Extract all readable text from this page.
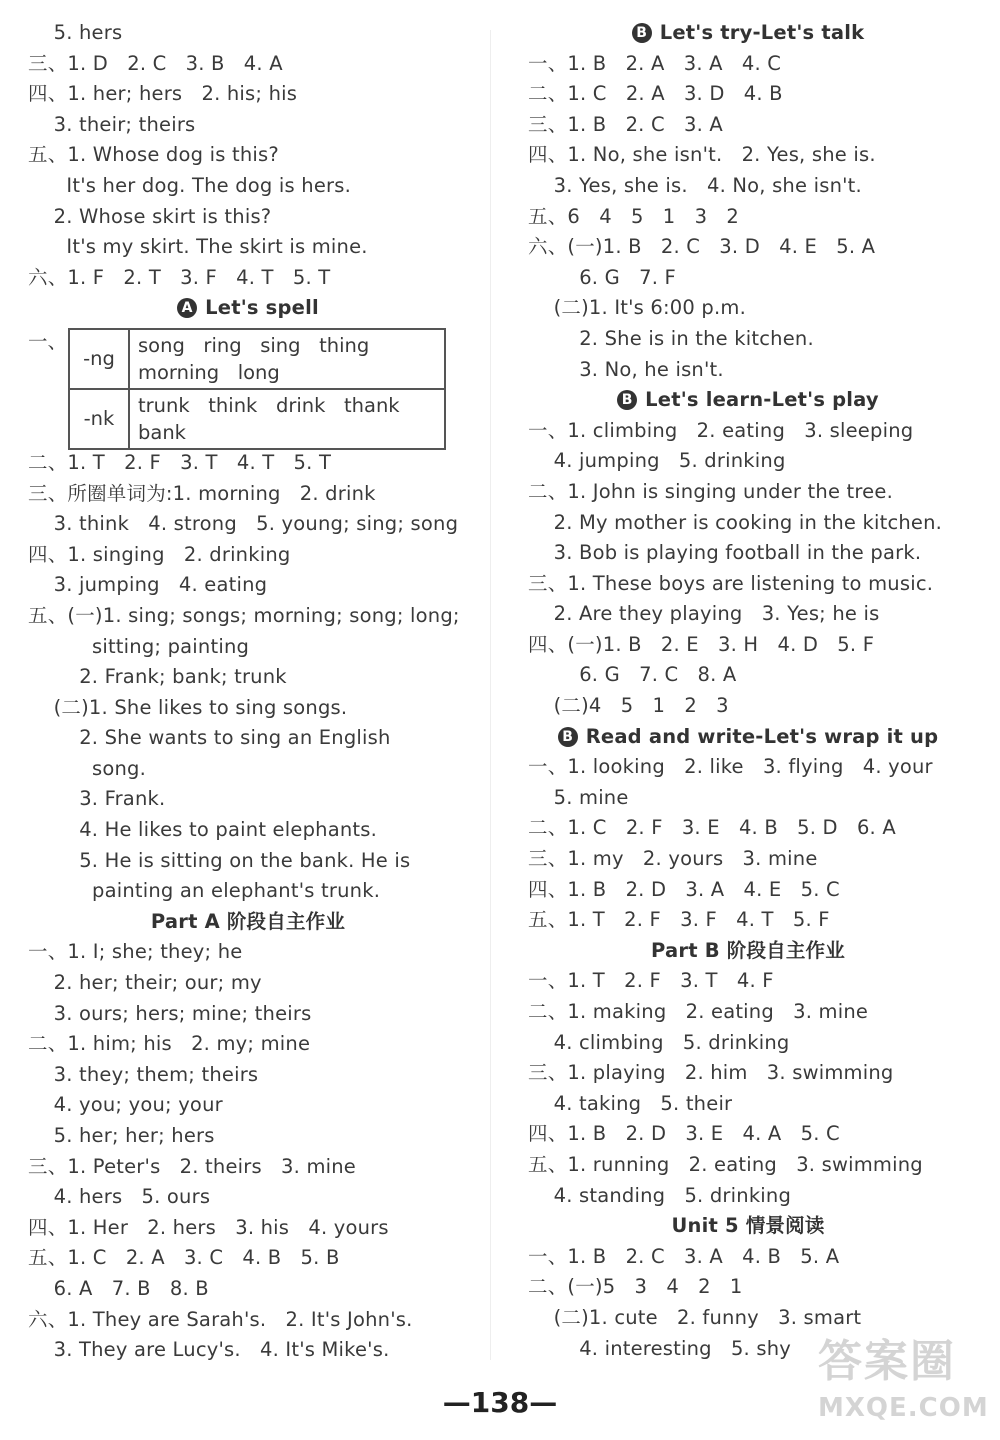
5. hers
三、1. D   2. C   3. B   4. A
四、1. her; hers   2. his; his
3. their; theirs
五、1. Whose dog is this?
It's her dog. The dog is hers.
2. Whose skirt is this?
It's my skirt. The skirt is mine.
六、1. F   2. T   3. F   4. T   5. T
A Let's spell
一、
-ng	song   ring   sing   thing
morning   long

-nk	trunk   think   drink   thank
bank
二、1. T   2. F   3. T   4. T   5. T
三、所圈单词为:1. morning   2. drink
3. think   4. strong   5. young; sing; song
四、1. singing   2. drinking
3. jumping   4. eating
五、(一)1. sing; songs; morning; song; long;
sitting; painting
2. Frank; bank; trunk
(二)1. She likes to sing songs.
2. She wants to sing an English
song.
3. Frank.
4. He likes to paint elephants.
5. He is sitting on the bank. He is
painting an elephant's trunk.
Part A 阶段自主作业
一、1. I; she; they; he
2. her; their; our; my
3. ours; hers; mine; theirs
二、1. him; his   2. my; mine
3. they; them; theirs
4. you; you; your
5. her; her; hers
三、1. Peter's   2. theirs   3. mine
4. hers   5. ours
四、1. Her   2. hers   3. his   4. yours
五、1. C   2. A   3. C   4. B   5. B
6. A   7. B   8. B
六、1. They are Sarah's.   2. It's John's.
3. They are Lucy's.   4. It's Mike's.
B Let's try-Let's talk
一、1. B   2. A   3. A   4. C
二、1. C   2. A   3. D   4. B
三、1. B   2. C   3. A
四、1. No, she isn't.   2. Yes, she is.
3. Yes, she is.   4. No, she isn't.
五、6   4   5   1   3   2
六、(一)1. B   2. C   3. D   4. E   5. A
6. G   7. F
(二)1. It's 6:00 p.m.
2. She is in the kitchen.
3. No, he isn't.
B Let's learn-Let's play
一、1. climbing   2. eating   3. sleeping
4. jumping   5. drinking
二、1. John is singing under the tree.
2. My mother is cooking in the kitchen.
3. Bob is playing football in the park.
三、1. These boys are listening to music.
2. Are they playing   3. Yes; he is
四、(一)1. B   2. E   3. H   4. D   5. F
6. G   7. C   8. A
(二)4   5   1   2   3
B Read and write-Let's wrap it up
一、1. looking   2. like   3. flying   4. your
5. mine
二、1. C   2. F   3. E   4. B   5. D   6. A
三、1. my   2. yours   3. mine
四、1. B   2. D   3. A   4. E   5. C
五、1. T   2. F   3. F   4. T   5. F
Part B 阶段自主作业
一、1. T   2. F   3. T   4. F
二、1. making   2. eating   3. mine
4. climbing   5. drinking
三、1. playing   2. him   3. swimming
4. taking   5. their
四、1. B   2. D   3. E   4. A   5. C
五、1. running   2. eating   3. swimming
4. standing   5. drinking
Unit 5 情景阅读
一、1. B   2. C   3. A   4. B   5. A
二、(一)5   3   4   2   1
(二)1. cute   2. funny   3. smart
4. interesting   5. shy
—138—
答案圈
MXQE.COM
